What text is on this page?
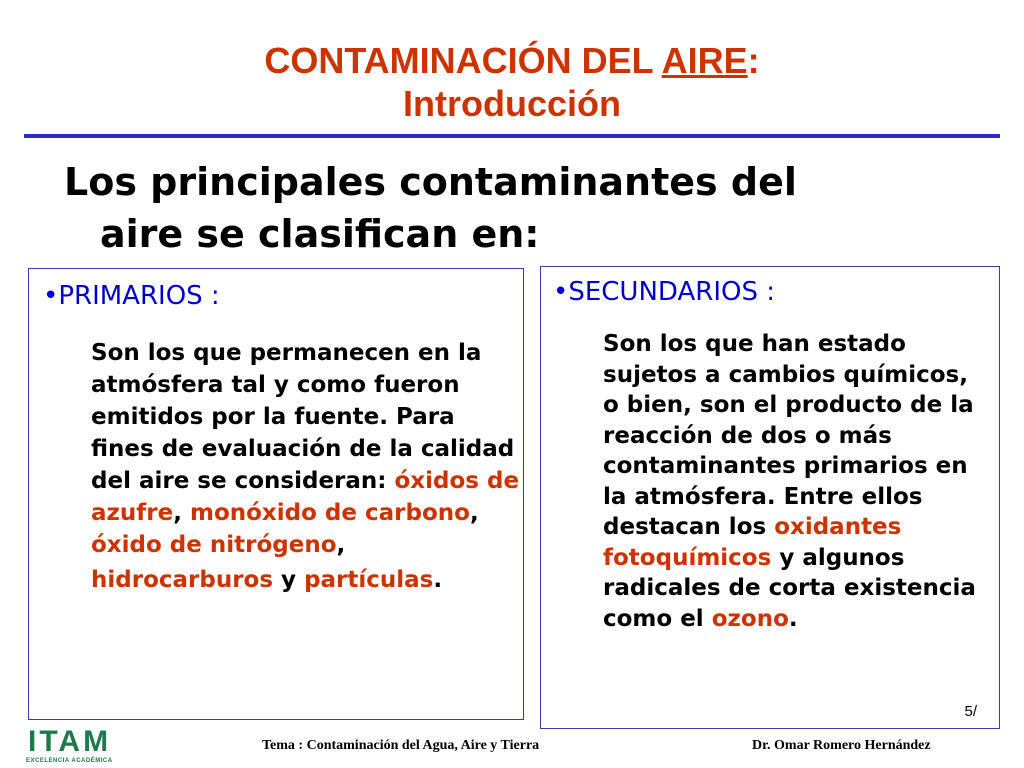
CONTAMINACIÓN DEL AIRE:
Introducción
Los principales contaminantes del
aire se clasifican en:
•PRIMARIOS :
Son los que permanecen en la atmósfera tal y como fueron emitidos por la fuente. Para fines de evaluación de la calidad del aire se consideran: óxidos de azufre, monóxido de carbono, óxido de nitrógeno, hidrocarburos y partículas.
•SECUNDARIOS :
Son los que han estado sujetos a cambios químicos, o bien, son el producto de la reacción de dos o más contaminantes primarios en la atmósfera. Entre ellos destacan los oxidantes fotoquímicos y algunos radicales de corta existencia como el ozono.
5/
ITAM
EXCELENCIA ACADÉMICA
Tema : Contaminación del Agua, Aire y Tierra	Dr. Omar Romero Hernández
